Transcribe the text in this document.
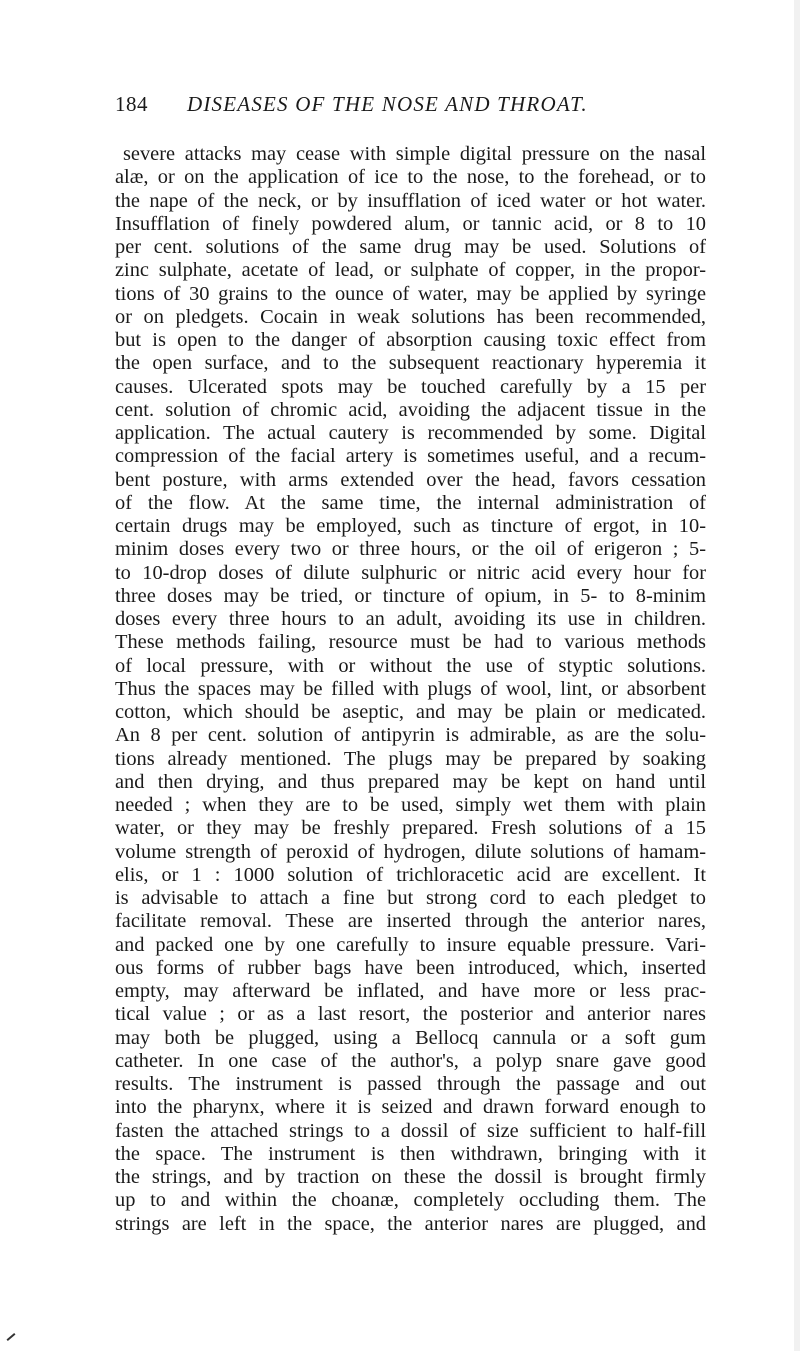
184 DISEASES OF THE NOSE AND THROAT.
severe attacks may cease with simple digital pressure on the nasal
alæ, or on the application of ice to the nose, to the forehead, or to
the nape of the neck, or by insufflation of iced water or hot water.
Insufflation of finely powdered alum, or tannic acid, or 8 to 10
per cent. solutions of the same drug may be used. Solutions of
zinc sulphate, acetate of lead, or sulphate of copper, in the propor-
tions of 30 grains to the ounce of water, may be applied by syringe
or on pledgets. Cocain in weak solutions has been recommended,
but is open to the danger of absorption causing toxic effect from
the open surface, and to the subsequent reactionary hyperemia it
causes. Ulcerated spots may be touched carefully by a 15 per
cent. solution of chromic acid, avoiding the adjacent tissue in the
application. The actual cautery is recommended by some. Digital
compression of the facial artery is sometimes useful, and a recum-
bent posture, with arms extended over the head, favors cessation
of the flow. At the same time, the internal administration of
certain drugs may be employed, such as tincture of ergot, in 10-
minim doses every two or three hours, or the oil of erigeron ; 5-
to 10-drop doses of dilute sulphuric or nitric acid every hour for
three doses may be tried, or tincture of opium, in 5- to 8-minim
doses every three hours to an adult, avoiding its use in children.
These methods failing, resource must be had to various methods
of local pressure, with or without the use of styptic solutions.
Thus the spaces may be filled with plugs of wool, lint, or absorbent
cotton, which should be aseptic, and may be plain or medicated.
An 8 per cent. solution of antipyrin is admirable, as are the solu-
tions already mentioned. The plugs may be prepared by soaking
and then drying, and thus prepared may be kept on hand until
needed ; when they are to be used, simply wet them with plain
water, or they may be freshly prepared. Fresh solutions of a 15
volume strength of peroxid of hydrogen, dilute solutions of hamam-
elis, or 1 : 1000 solution of trichloracetic acid are excellent. It
is advisable to attach a fine but strong cord to each pledget to
facilitate removal. These are inserted through the anterior nares,
and packed one by one carefully to insure equable pressure. Vari-
ous forms of rubber bags have been introduced, which, inserted
empty, may afterward be inflated, and have more or less prac-
tical value ; or as a last resort, the posterior and anterior nares
may both be plugged, using a Bellocq cannula or a soft gum
catheter. In one case of the author's, a polyp snare gave good
results. The instrument is passed through the passage and out
into the pharynx, where it is seized and drawn forward enough to
fasten the attached strings to a dossil of size sufficient to half-fill
the space. The instrument is then withdrawn, bringing with it
the strings, and by traction on these the dossil is brought firmly
up to and within the choanæ, completely occluding them. The
strings are left in the space, the anterior nares are plugged, and
